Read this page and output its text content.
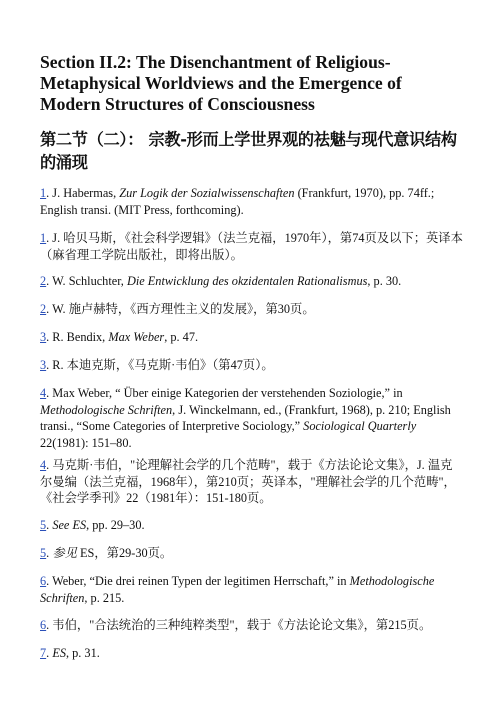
Section II.2: The Disenchantment of Religious-Metaphysical Worldviews and the Emergence of Modern Structures of Consciousness
第二节（二）： 宗教-形而上学世界观的祛魅与现代意识结构的涌现

1. J. Habermas, Zur Logik der Sozialwissenschaften (Frankfurt, 1970), pp. 74ff.; English transi. (MIT Press, forthcoming).

1. J. 哈贝马斯，《社会科学逻辑》（法兰克福，1970年），第74页及以下；英译本（麻省理工学院出版社，即将出版）。

2. W. Schluchter, Die Entwicklung des okzidentalen Rationalismus, p. 30.

2. W. 施卢赫特，《西方理性主义的发展》，第30页。

3. R. Bendix, Max Weber, p. 47.

3. R. 本迪克斯，《马克斯·韦伯》（第47页）。

4. Max Weber, “ Über einige Kategorien der verstehenden Soziologie,” in Methodologische Schriften, J. Winckelmann, ed., (Frankfurt, 1968), p. 210; English transi., “Some Categories of Interpretive Sociology,” Sociological Quarterly 22(1981): 151–80.

4. 马克斯·韦伯，"论理解社会学的几个范畴"，载于《方法论论文集》，J. 温克尔曼编（法兰克福，1968年），第210页；英译本，"理解社会学的几个范畴"，《社会学季刊》22（1981年）：151-180页。

5. See ES, pp. 29–30.

5. 参见 ES，第29-30页。

6. Weber, “Die drei reinen Typen der legitimen Herrschaft,” in Methodologische Schriften, p. 215.

6. 韦伯，"合法统治的三种纯粹类型"，载于《方法论论文集》，第215页。

7. ES, p. 31.
